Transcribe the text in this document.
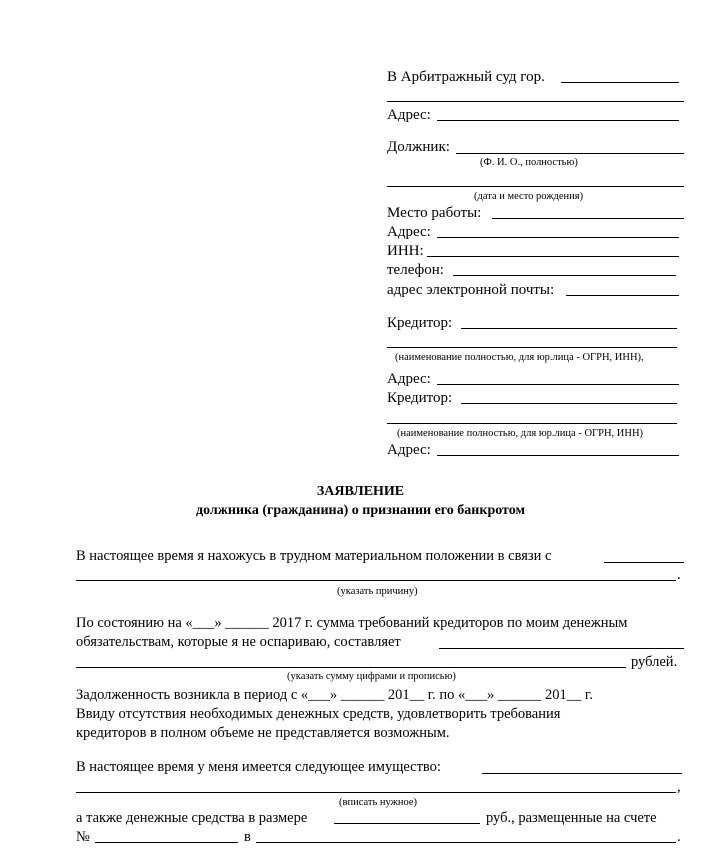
В Арбитражный суд гор.
Адрес:
Должник:
(Ф. И. О., полностью)
(дата и место рождения)
Место работы:
Адрес:
ИНН:
телефон:
адрес электронной почты:
Кредитор:
(наименование полностью, для юр.лица - ОГРН, ИНН),
Адрес:
Кредитор:
(наименование полностью, для юр.лица - ОГРН, ИНН)
Адрес:
ЗАЯВЛЕНИЕ
должника (гражданина) о признании его банкротом
В настоящее время я нахожусь в трудном материальном положении в связи с
.
(указать причину)
По состоянию на «___» ______ 2017 г. сумма требований кредиторов по моим денежным
обязательствам, которые я не оспариваю, составляет
рублей.
(указать сумму цифрами и прописью)
Задолженность возникла в период с «___» ______ 201__ г. по «___» ______ 201__ г.
Ввиду отсутствия необходимых денежных средств, удовлетворить требования
кредиторов в полном объеме не представляется возможным.
В настоящее время у меня имеется следующее имущество:
,
(вписать нужное)
а также денежные средства в размере	руб., размещенные на счете
№	в	.
